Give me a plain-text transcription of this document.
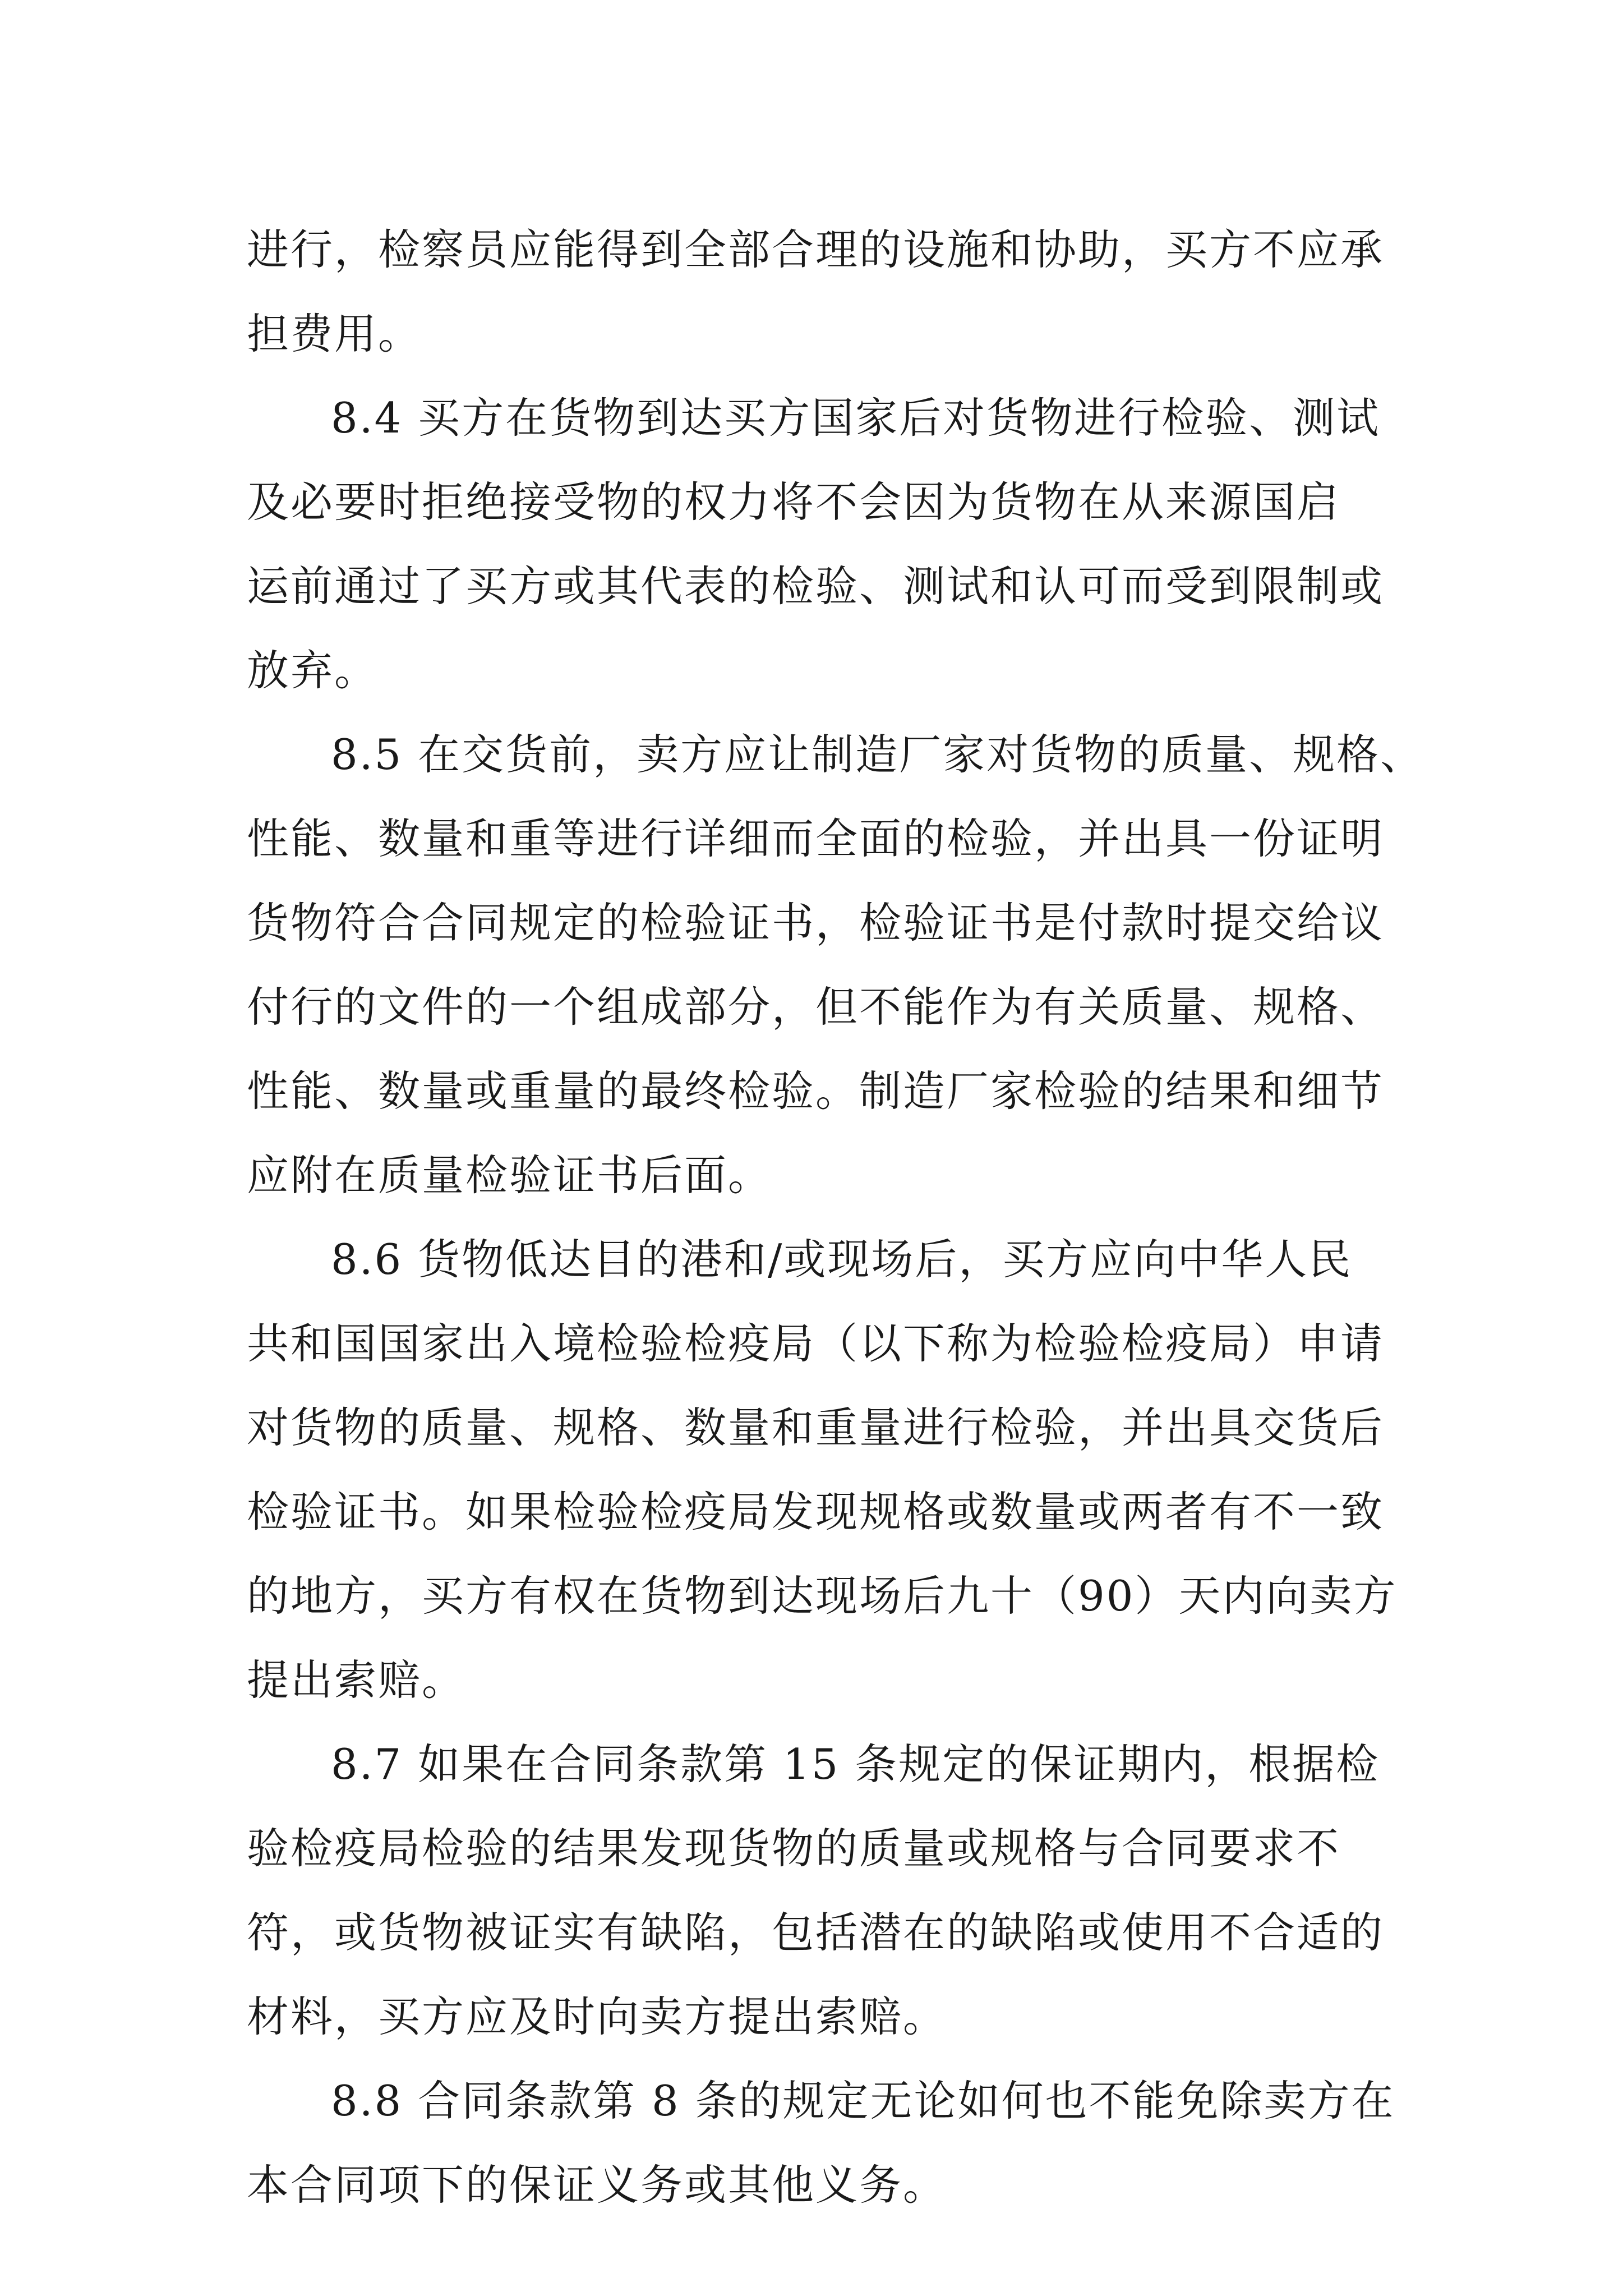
进行，检察员应能得到全部合理的设施和协助，买方不应承
担费用。
8.4 买方在货物到达买方国家后对货物进行检验、测试
及必要时拒绝接受物的权力将不会因为货物在从来源国启
运前通过了买方或其代表的检验、测试和认可而受到限制或
放弃。
8.5 在交货前，卖方应让制造厂家对货物的质量、规格、
性能、数量和重等进行详细而全面的检验，并出具一份证明
货物符合合同规定的检验证书，检验证书是付款时提交给议
付行的文件的一个组成部分，但不能作为有关质量、规格、
性能、数量或重量的最终检验。制造厂家检验的结果和细节
应附在质量检验证书后面。
8.6 货物低达目的港和/或现场后，买方应向中华人民
共和国国家出入境检验检疫局（以下称为检验检疫局）申请
对货物的质量、规格、数量和重量进行检验，并出具交货后
检验证书。如果检验检疫局发现规格或数量或两者有不一致
的地方，买方有权在货物到达现场后九十（90）天内向卖方
提出索赔。
8.7 如果在合同条款第 15 条规定的保证期内，根据检
验检疫局检验的结果发现货物的质量或规格与合同要求不
符，或货物被证实有缺陷，包括潜在的缺陷或使用不合适的
材料，买方应及时向卖方提出索赔。
8.8 合同条款第 8 条的规定无论如何也不能免除卖方在
本合同项下的保证义务或其他义务。
